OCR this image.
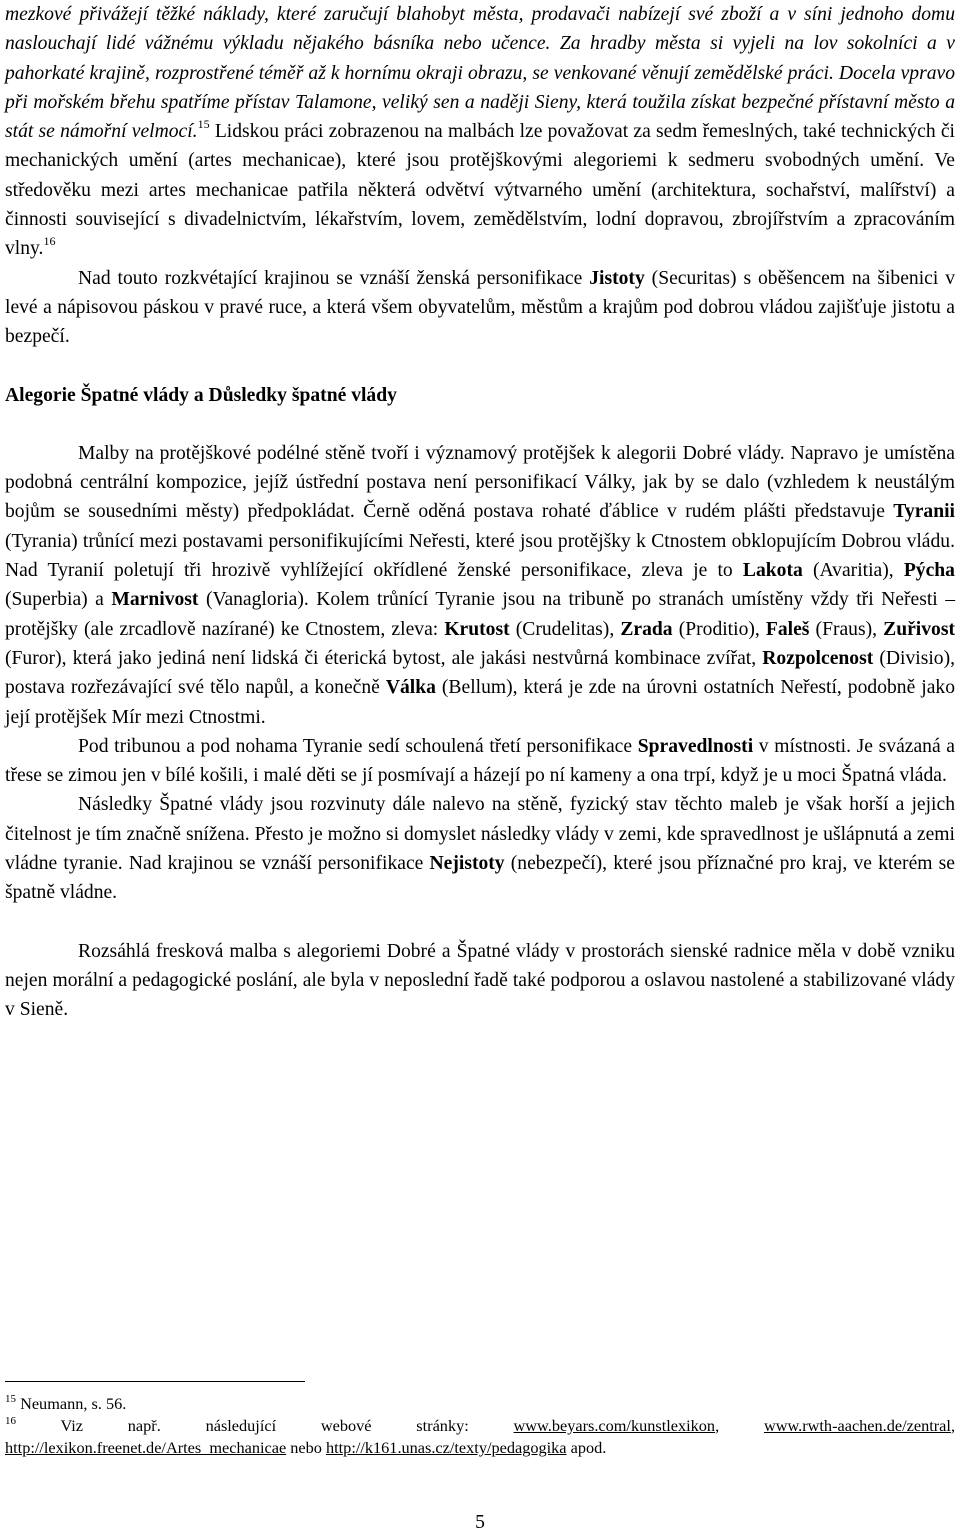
mezkové přivážejí těžké náklady, které zaručují blahobyt města, prodavači nabízejí své zboží a v síni jednoho domu naslouchají lidé vážnému výkladu nějakého básníka nebo učence. Za hradby města si vyjeli na lov sokolníci a v pahorkaté krajině, rozprostřené téměř až k hornímu okraji obrazu, se venkované věnují zemědělské práci. Docela vpravo při mořském břehu spatříme přístav Talamone, veliký sen a naději Sieny, která toužila získat bezpečné přístavní město a stát se námořní velmocí.$^{15}$ Lidskou práci zobrazenou na malbách lze považovat za sedm řemeslných, také technických či mechanických umění (artes mechanicae), které jsou protějškovými alegoriemi k sedmeru svobodných umění. Ve středověku mezi artes mechanicae patřila některá odvětví výtvarného umění (architektura, sochařství, malířství) a činnosti související s divadelnictvím, lékařstvím, lovem, zemědělstvím, lodní dopravou, zbrojířstvím a zpracováním vlny.$^{16}$

Nad touto rozkvétající krajinou se vznáší ženská personifikace Jistoty (Securitas) s oběšencem na šibenici v levé a nápisovou páskou v pravé ruce, a která všem obyvatelům, městům a krajům pod dobrou vládou zajišťuje jistotu a bezpečí.

Alegorie Špatné vlády a Důsledky špatné vlády

Malby na protějškové podélné stěně tvoří i významový protějšek k alegorii Dobré vlády. Napravo je umístěna podobná centrální kompozice, jejíž ústřední postava není personifikací Války, jak by se dalo (vzhledem k neustálým bojům se sousedními městy) předpokládat. Černě oděná postava rohaté ďáblice v rudém plášti představuje Tyranii (Tyrania) trůnící mezi postavami personifikujícími Neřesti, které jsou protějšky k Ctnostem obklopujícím Dobrou vládu. Nad Tyranií poletují tři hrozivě vyhlížející okřídlené ženské personifikace, zleva je to Lakota (Avaritia), Pýcha (Superbia) a Marnivost (Vanagloria). Kolem trůnící Tyranie jsou na tribuně po stranách umístěny vždy tři Neřesti – protějšky (ale zrcadlově nazírané) ke Ctnostem, zleva: Krutost (Crudelitas), Zrada (Proditio), Faleš (Fraus), Zuřivost (Furor), která jako jediná není lidská či éterická bytost, ale jakási nestvůrná kombinace zvířat, Rozpolcenost (Divisio), postava rozřezávající své tělo napůl, a konečně Válka (Bellum), která je zde na úrovni ostatních Neřestí, podobně jako její protějšek Mír mezi Ctnostmi.

Pod tribunou a pod nohama Tyranie sedí schoulená třetí personifikace Spravedlnosti v místnosti. Je svázaná a třese se zimou jen v bílé košili, i malé děti se jí posmívají a házejí po ní kameny a ona trpí, když je u moci Špatná vláda.

Následky Špatné vlády jsou rozvinuty dále nalevo na stěně, fyzický stav těchto maleb je však horší a jejich čitelnost je tím značně snížena. Přesto je možno si domyslet následky vlády v zemi, kde spravedlnost je ušlápnutá a zemi vládne tyranie. Nad krajinou se vznáší personifikace Nejistoty (nebezpečí), které jsou příznačné pro kraj, ve kterém se špatně vládne.

Rozsáhlá fresková malba s alegoriemi Dobré a Špatné vlády v prostorách sienské radnice měla v době vzniku nejen morální a pedagogické poslání, ale byla v neposlední řadě také podporou a oslavou nastolené a stabilizované vlády v Sieně.

$^{15}$ Neumann, s. 56.

$^{16}$ Viz např. následující webové stránky: www.beyars.com/kunstlexikon, www.rwth-aachen.de/zentral,

http://lexikon.freenet.de/Artes_mechanicae nebo http://k161.unas.cz/texty/pedagogika apod.

5
